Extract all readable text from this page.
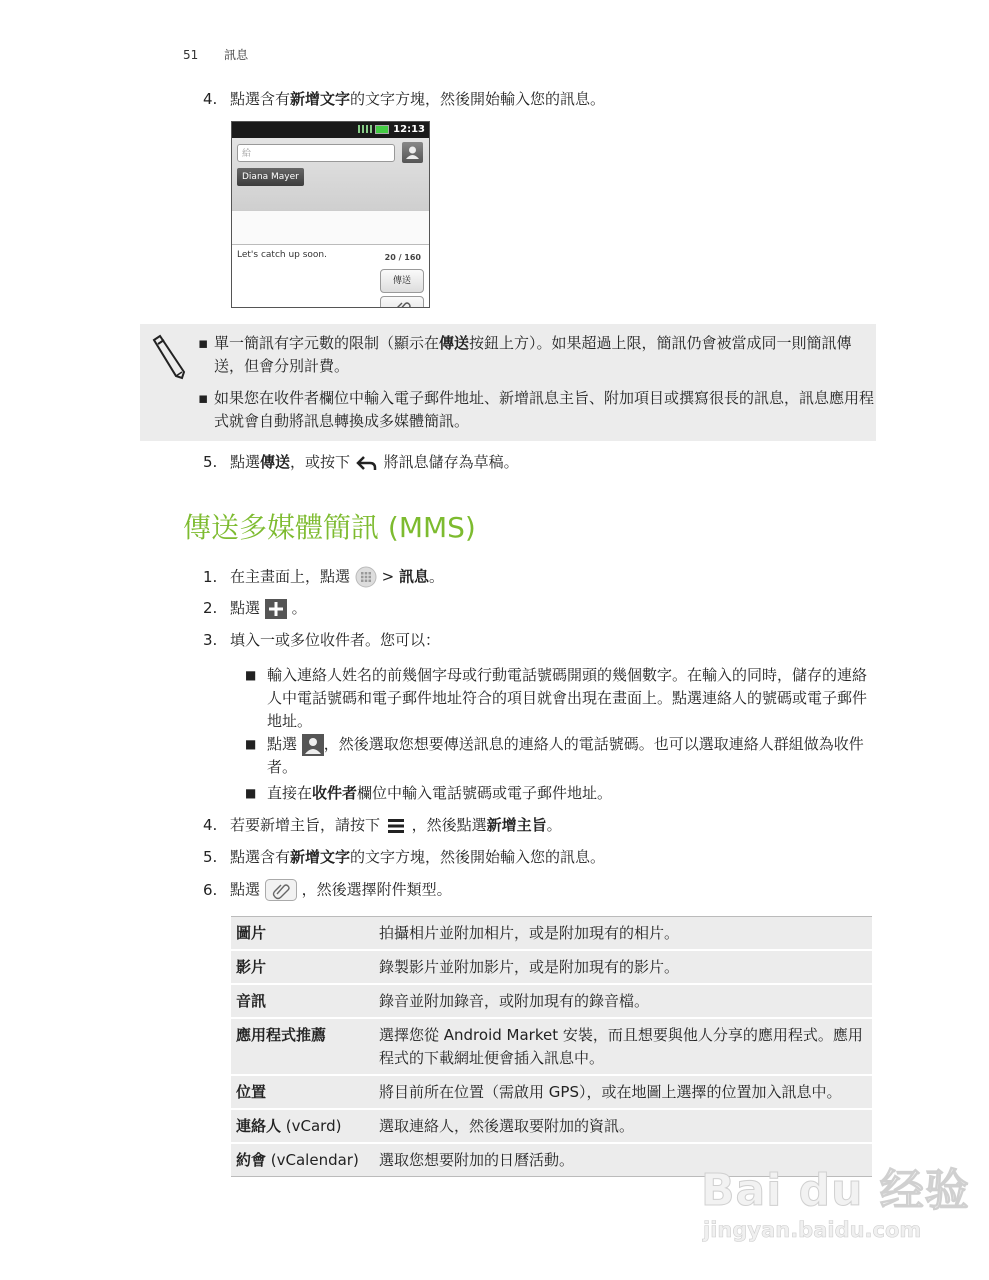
51 訊息
4. 點選含有新增文字的文字方塊，然後開始輸入您的訊息。
12:13
給
Diana Mayer
Let's catch up soon.	20 / 160
傳送
▪ 單一簡訊有字元數的限制（顯示在傳送按鈕上方）。如果超過上限，簡訊仍會被當成同一則簡訊傳送，但會分別計費。
▪ 如果您在收件者欄位中輸入電子郵件地址、新增訊息主旨、附加項目或撰寫很長的訊息，訊息應用程式就會自動將訊息轉換成多媒體簡訊。
5. 點選傳送，或按下 將訊息儲存為草稿。
傳送多媒體簡訊 (MMS)
1. 在主畫面上，點選 > 訊息。
2. 點選 。
3. 填入一或多位收件者。您可以：
■ 輸入連絡人姓名的前幾個字母或行動電話號碼開頭的幾個數字。在輸入的同時，儲存的連絡人中電話號碼和電子郵件地址符合的項目就會出現在畫面上。點選連絡人的號碼或電子郵件地址。
■ 點選 ，然後選取您想要傳送訊息的連絡人的電話號碼。也可以選取連絡人群組做為收件者。
■ 直接在收件者欄位中輸入電話號碼或電子郵件地址。
4. 若要新增主旨，請按下 ，然後點選新增主旨。
5. 點選含有新增文字的文字方塊，然後開始輸入您的訊息。
6. 點選	，然後選擇附件類型。
圖片	拍攝相片並附加相片，或是附加現有的相片。
影片	錄製影片並附加影片，或是附加現有的影片。
音訊	錄音並附加錄音，或附加現有的錄音檔。
應用程式推薦	選擇您從 Android Market 安裝，而且想要與他人分享的應用程式。應用程式的下載網址便會插入訊息中。
位置	將目前所在位置（需啟用 GPS），或在地圖上選擇的位置加入訊息中。
連絡人 (vCard)	選取連絡人，然後選取要附加的資訊。
約會 (vCalendar)	選取您想要附加的日曆活動。
Bai du 经验
jingyan.baidu.com
